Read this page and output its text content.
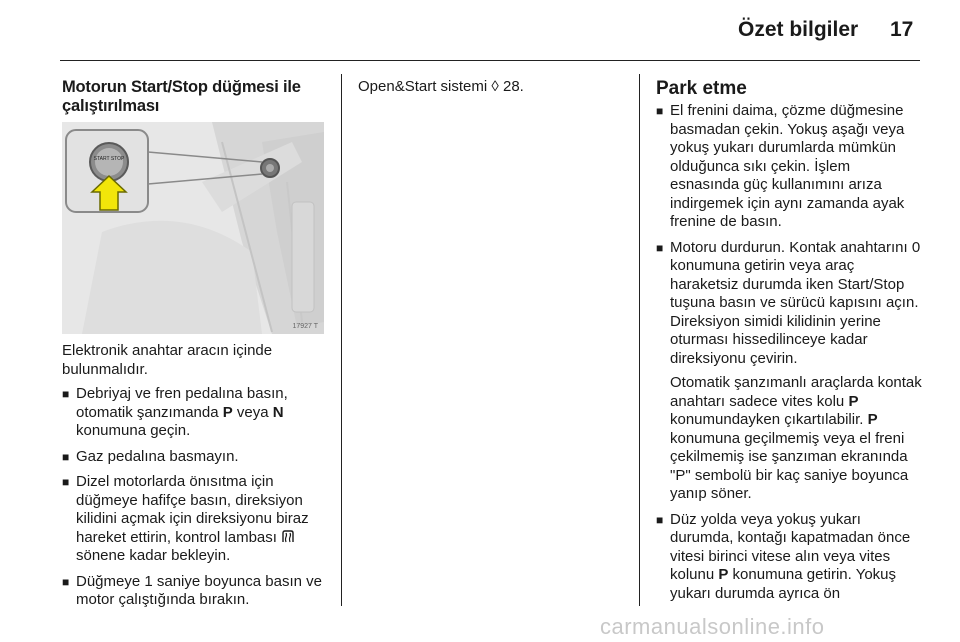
Özet bilgiler 17
Motorun Start/Stop düğmesi ile çalıştırılması
START STOP
17927 T

Elektronik anahtar aracın içinde bulunmalıdır.

■ Debriyaj ve fren pedalına basın, otomatik şanzımanda P veya N konumuna geçin.
■ Gaz pedalına basmayın.
■ Dizel motorlarda önısıtma için düğmeye hafifçe basın, direksiyon kilidini açmak için direksiyonu biraz hareket ettirin, kontrol lambası  sönene kadar bekleyin.
■ Düğmeye 1 saniye boyunca basın ve motor çalıştığında bırakın.

Open&Start sistemi ◊ 28.	Park etme
■ El frenini daima, çözme düğmesine basmadan çekin. Yokuş aşağı veya yokuş yukarı durumlarda mümkün olduğunca sıkı çekin. İşlem esnasında güç kullanımını arıza indirgemek için aynı zamanda ayak frenine de basın.
■ Motoru durdurun. Kontak anahtarını 0 konumuna getirin veya araç haraketsiz durumda iken Start/Stop tuşuna basın ve sürücü kapısını açın. Direksiyon simidi kilidinin yerine oturması hissedilinceye kadar direksiyonu çevirin.
Otomatik şanzımanlı araçlarda kontak anahtarı sadece vites kolu P konumundayken çıkartılabilir. P konumuna geçilmemiş veya el freni çekilmemiş ise şanzıman ekranında "P" sembolü bir kaç saniye boyunca yanıp söner.
■ Düz yolda veya yokuş yukarı durumda, kontağı kapatmadan önce vitesi birinci vitese alın veya vites kolunu P konumuna getirin. Yokuş yukarı durumda ayrıca ön
carmanualsonline.info
